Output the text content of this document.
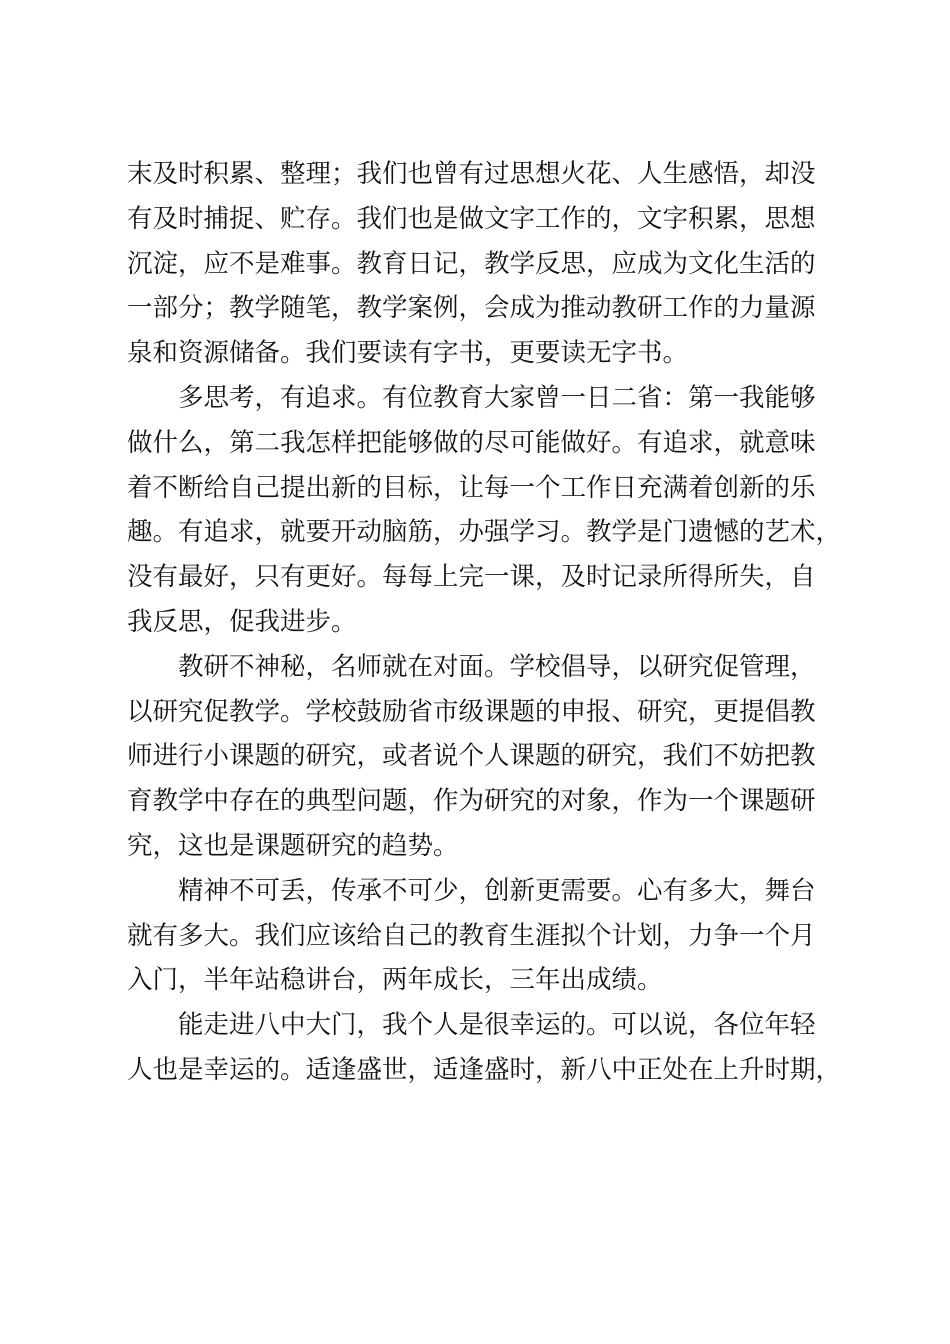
末及时积累、整理；我们也曾有过思想火花、人生感悟，却没
有及时捕捉、贮存。我们也是做文字工作的，文字积累，思想
沉淀，应不是难事。教育日记，教学反思，应成为文化生活的
一部分；教学随笔，教学案例，会成为推动教研工作的力量源
泉和资源储备。我们要读有字书，更要读无字书。
多思考，有追求。有位教育大家曾一日二省：第一我能够
做什么，第二我怎样把能够做的尽可能做好。有追求，就意味
着不断给自己提出新的目标，让每一个工作日充满着创新的乐
趣。有追求，就要开动脑筋，办强学习。教学是门遗憾的艺术，
没有最好，只有更好。每每上完一课，及时记录所得所失，自
我反思，促我进步。
教研不神秘，名师就在对面。学校倡导，以研究促管理，
以研究促教学。学校鼓励省市级课题的申报、研究，更提倡教
师进行小课题的研究，或者说个人课题的研究，我们不妨把教
育教学中存在的典型问题，作为研究的对象，作为一个课题研
究，这也是课题研究的趋势。
精神不可丢，传承不可少，创新更需要。心有多大，舞台
就有多大。我们应该给自己的教育生涯拟个计划，力争一个月
入门，半年站稳讲台，两年成长，三年出成绩。
能走进八中大门，我个人是很幸运的。可以说，各位年轻
人也是幸运的。适逢盛世，适逢盛时，新八中正处在上升时期，
